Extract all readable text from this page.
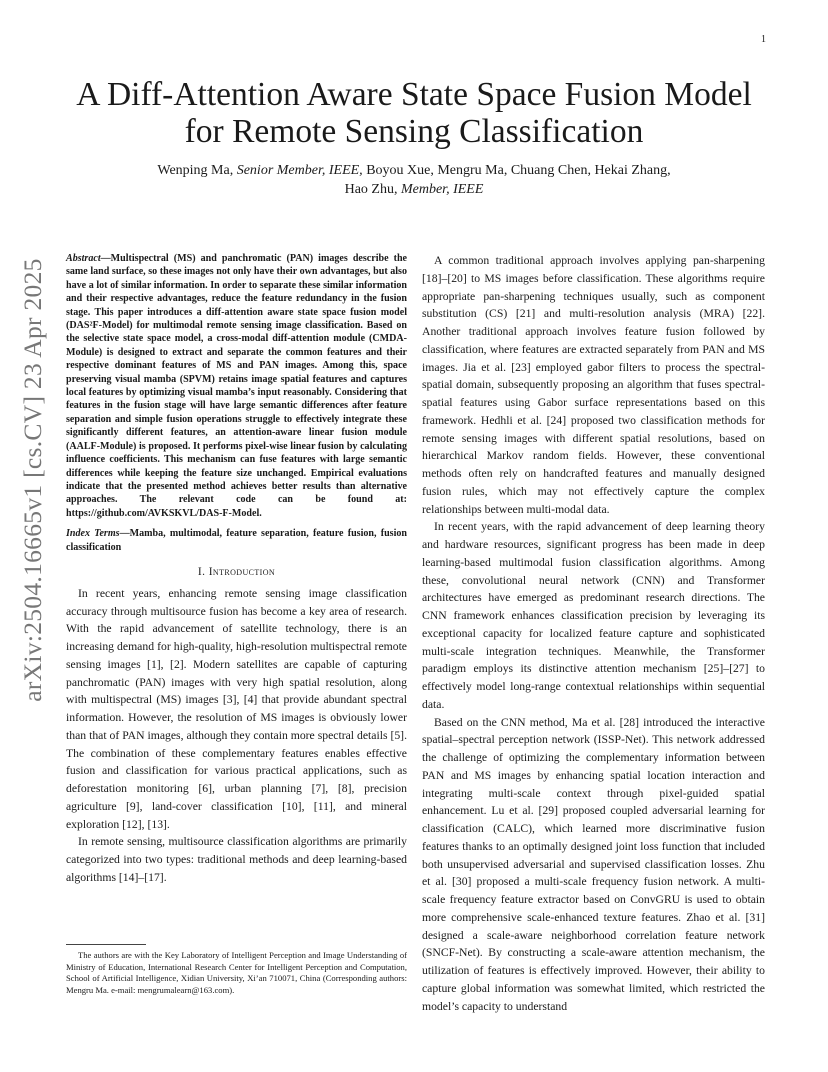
1
arXiv:2504.16665v1 [cs.CV] 23 Apr 2025
A Diff-Attention Aware State Space Fusion Model
for Remote Sensing Classification
Wenping Ma, Senior Member, IEEE, Boyou Xue, Mengru Ma, Chuang Chen, Hekai Zhang,
Hao Zhu, Member, IEEE

Abstract—Multispectral (MS) and panchromatic (PAN) images describe the same land surface, so these images not only have their own advantages, but also have a lot of similar information. In order to separate these similar information and their respective advantages, reduce the feature redundancy in the fusion stage. This paper introduces a diff-attention aware state space fusion model (DAS²F-Model) for multimodal remote sensing image classification. Based on the selective state space model, a cross-modal diff-attention module (CMDA-Module) is designed to extract and separate the common features and their respective dominant features of MS and PAN images. Among this, space preserving visual mamba (SPVM) retains image spatial features and captures local features by optimizing visual mamba’s input reasonably. Considering that features in the fusion stage will have large semantic differences after feature separation and simple fusion operations struggle to effectively integrate these significantly different features, an attention-aware linear fusion module (AALF-Module) is proposed. It performs pixel-wise linear fusion by calculating influence coefficients. This mechanism can fuse features with large semantic differences while keeping the feature size unchanged. Empirical evaluations indicate that the presented method achieves better results than alternative approaches. The relevant code can be found at: https://github.com/AVKSKVL/DAS-F-Model.

Index Terms—Mamba, multimodal, feature separation, feature fusion, fusion classification

I. Introduction

In recent years, enhancing remote sensing image classification accuracy through multisource fusion has become a key area of research. With the rapid advancement of satellite technology, there is an increasing demand for high-quality, high-resolution multispectral remote sensing images [1], [2]. Modern satellites are capable of capturing panchromatic (PAN) images with very high spatial resolution, along with multispectral (MS) images [3], [4] that provide abundant spectral information. However, the resolution of MS images is obviously lower than that of PAN images, although they contain more spectral details [5]. The combination of these complementary features enables effective fusion and classification for various practical applications, such as deforestation monitoring [6], urban planning [7], [8], precision agriculture [9], land-cover classification [10], [11], and mineral exploration [12], [13].

In remote sensing, multisource classification algorithms are primarily categorized into two types: traditional methods and deep learning-based algorithms [14]–[17].

The authors are with the Key Laboratory of Intelligent Perception and Image Understanding of Ministry of Education, International Research Center for Intelligent Perception and Computation, School of Artificial Intelligence, Xidian University, Xi’an 710071, China (Corresponding authors: Mengru Ma. e-mail: mengrumalearn@163.com).

A common traditional approach involves applying pan-sharpening [18]–[20] to MS images before classification. These algorithms require appropriate pan-sharpening techniques usually, such as component substitution (CS) [21] and multi-resolution analysis (MRA) [22]. Another traditional approach involves feature fusion followed by classification, where features are extracted separately from PAN and MS images. Jia et al. [23] employed gabor filters to process the spectral-spatial domain, subsequently proposing an algorithm that fuses spectral-spatial features using Gabor surface representations based on this framework. Hedhli et al. [24] proposed two classification methods for remote sensing images with different spatial resolutions, based on hierarchical Markov random fields. However, these conventional methods often rely on handcrafted features and manually designed fusion rules, which may not effectively capture the complex relationships between multi-modal data.

In recent years, with the rapid advancement of deep learning theory and hardware resources, significant progress has been made in deep learning-based multimodal fusion classification algorithms. Among these, convolutional neural network (CNN) and Transformer architectures have emerged as predominant research directions. The CNN framework enhances classification precision by leveraging its exceptional capacity for localized feature capture and sophisticated multi-scale integration techniques. Meanwhile, the Transformer paradigm employs its distinctive attention mechanism [25]–[27] to effectively model long-range contextual relationships within sequential data.

Based on the CNN method, Ma et al. [28] introduced the interactive spatial–spectral perception network (ISSP-Net). This network addressed the challenge of optimizing the complementary information between PAN and MS images by enhancing spatial location interaction and integrating multi-scale context through pixel-guided spatial enhancement. Lu et al. [29] proposed coupled adversarial learning for classification (CALC), which learned more discriminative fusion features thanks to an optimally designed joint loss function that included both unsupervised adversarial and supervised classification losses. Zhu et al. [30] proposed a multi-scale frequency fusion network. A multi-scale frequency feature extractor based on ConvGRU is used to obtain more comprehensive scale-enhanced texture features. Zhao et al. [31] designed a scale-aware neighborhood correlation feature network (SNCF-Net). By constructing a scale-aware attention mechanism, the utilization of features is effectively improved. However, their ability to capture global information was somewhat limited, which restricted the model’s capacity to understand
